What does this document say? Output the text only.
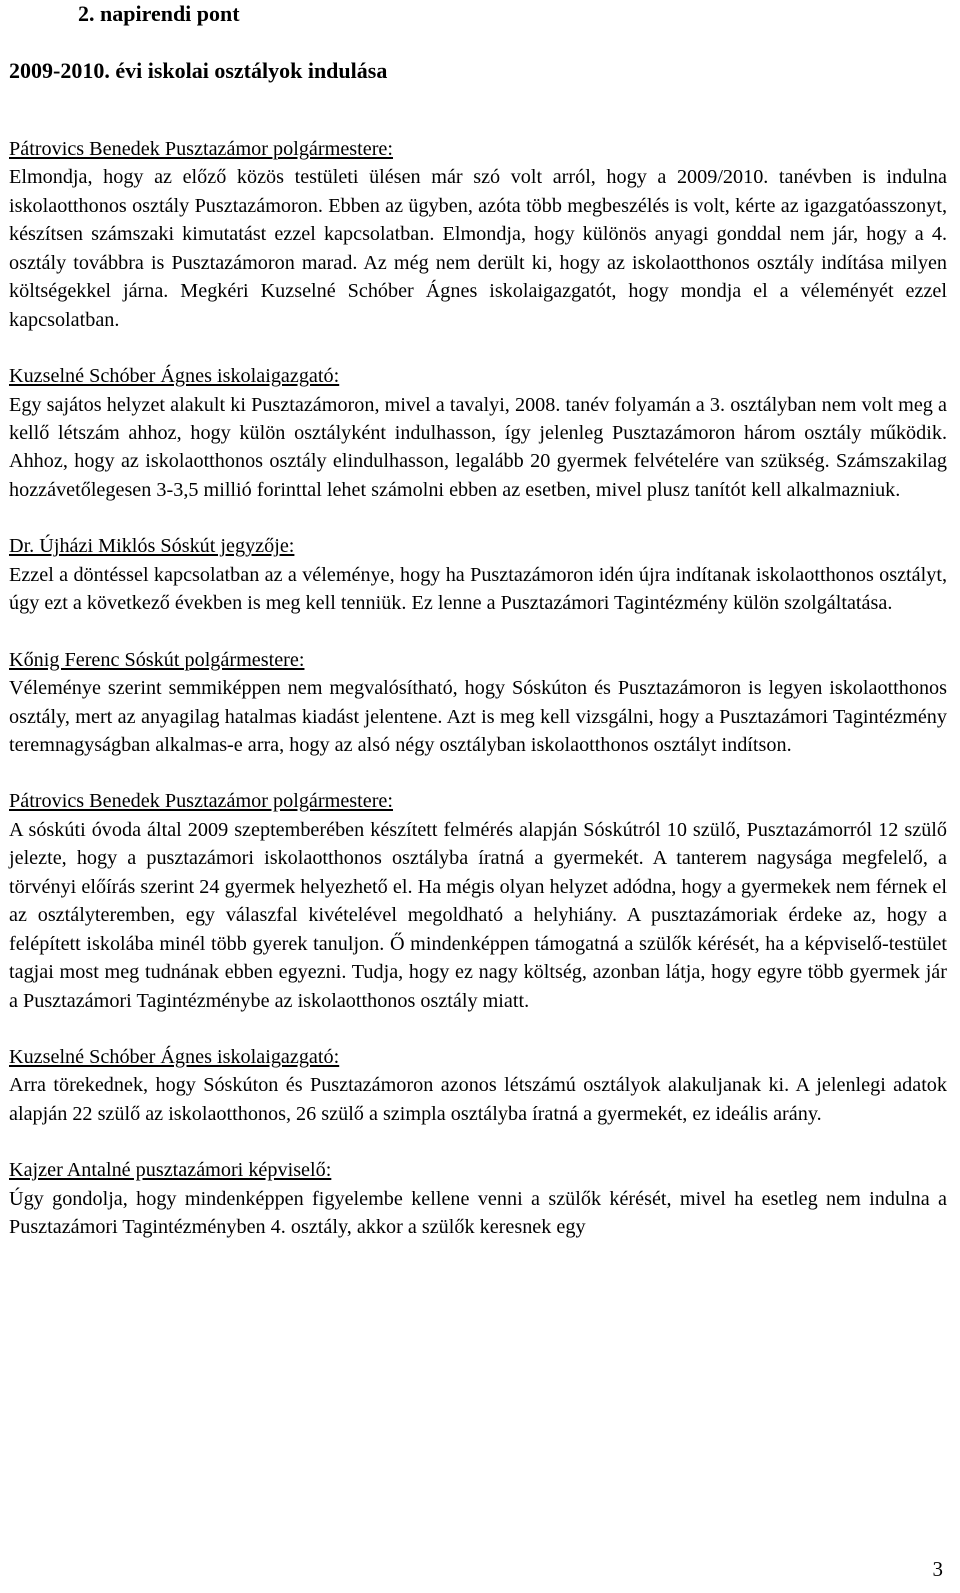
2. napirendi pont
2009-2010. évi iskolai osztályok indulása

Pátrovics Benedek Pusztazámor polgármestere:

Elmondja, hogy az előző közös testületi ülésen már szó volt arról, hogy a 2009/2010. tanévben is indulna iskolaotthonos osztály Pusztazámoron. Ebben az ügyben, azóta több megbeszélés is volt, kérte az igazgatóasszonyt, készítsen számszaki kimutatást ezzel kapcsolatban. Elmondja, hogy különös anyagi gonddal nem jár, hogy a 4. osztály továbbra is Pusztazámoron marad. Az még nem derült ki, hogy az iskolaotthonos osztály indítása milyen költségekkel járna. Megkéri Kuzselné Schóber Ágnes iskolaigazgatót, hogy mondja el a véleményét ezzel kapcsolatban.

Kuzselné Schóber Ágnes iskolaigazgató:

Egy sajátos helyzet alakult ki Pusztazámoron, mivel a tavalyi, 2008. tanév folyamán a 3. osztályban nem volt meg a kellő létszám ahhoz, hogy külön osztályként indulhasson, így jelenleg Pusztazámoron három osztály működik. Ahhoz, hogy az iskolaotthonos osztály elindulhasson, legalább 20 gyermek felvételére van szükség. Számszakilag hozzávetőlegesen 3-3,5 millió forinttal lehet számolni ebben az esetben, mivel plusz tanítót kell alkalmazniuk.

Dr. Újházi Miklós Sóskút jegyzője:

Ezzel a döntéssel kapcsolatban az a véleménye, hogy ha Pusztazámoron idén újra indítanak iskolaotthonos osztályt, úgy ezt a következő években is meg kell tenniük. Ez lenne a Pusztazámori Tagintézmény külön szolgáltatása.

Kőnig Ferenc Sóskút polgármestere:

Véleménye szerint semmiképpen nem megvalósítható, hogy Sóskúton és Pusztazámoron is legyen iskolaotthonos osztály, mert az anyagilag hatalmas kiadást jelentene. Azt is meg kell vizsgálni, hogy a Pusztazámori Tagintézmény teremnagyságban alkalmas-e arra, hogy az alsó négy osztályban iskolaotthonos osztályt indítson.

Pátrovics Benedek Pusztazámor polgármestere:

A sóskúti óvoda által 2009 szeptemberében készített felmérés alapján Sóskútról 10 szülő, Pusztazámorról 12 szülő jelezte, hogy a pusztazámori iskolaotthonos osztályba íratná a gyermekét. A tanterem nagysága megfelelő, a törvényi előírás szerint 24 gyermek helyezhető el. Ha mégis olyan helyzet adódna, hogy a gyermekek nem férnek el az osztályteremben, egy válaszfal kivételével megoldható a helyhiány. A pusztazámoriak érdeke az, hogy a felépített iskolába minél több gyerek tanuljon. Ő mindenképpen támogatná a szülők kérését, ha a képviselő-testület tagjai most meg tudnának ebben egyezni. Tudja, hogy ez nagy költség, azonban látja, hogy egyre több gyermek jár a Pusztazámori Tagintézménybe az iskolaotthonos osztály miatt.

Kuzselné Schóber Ágnes iskolaigazgató:

Arra törekednek, hogy Sóskúton és Pusztazámoron azonos létszámú osztályok alakuljanak ki. A jelenlegi adatok alapján 22 szülő az iskolaotthonos, 26 szülő a szimpla osztályba íratná a gyermekét, ez ideális arány.

Kajzer Antalné pusztazámori képviselő:

Úgy gondolja, hogy mindenképpen figyelembe kellene venni a szülők kérését, mivel ha esetleg nem indulna a Pusztazámori Tagintézményben 4. osztály, akkor a szülők keresnek egy

3
